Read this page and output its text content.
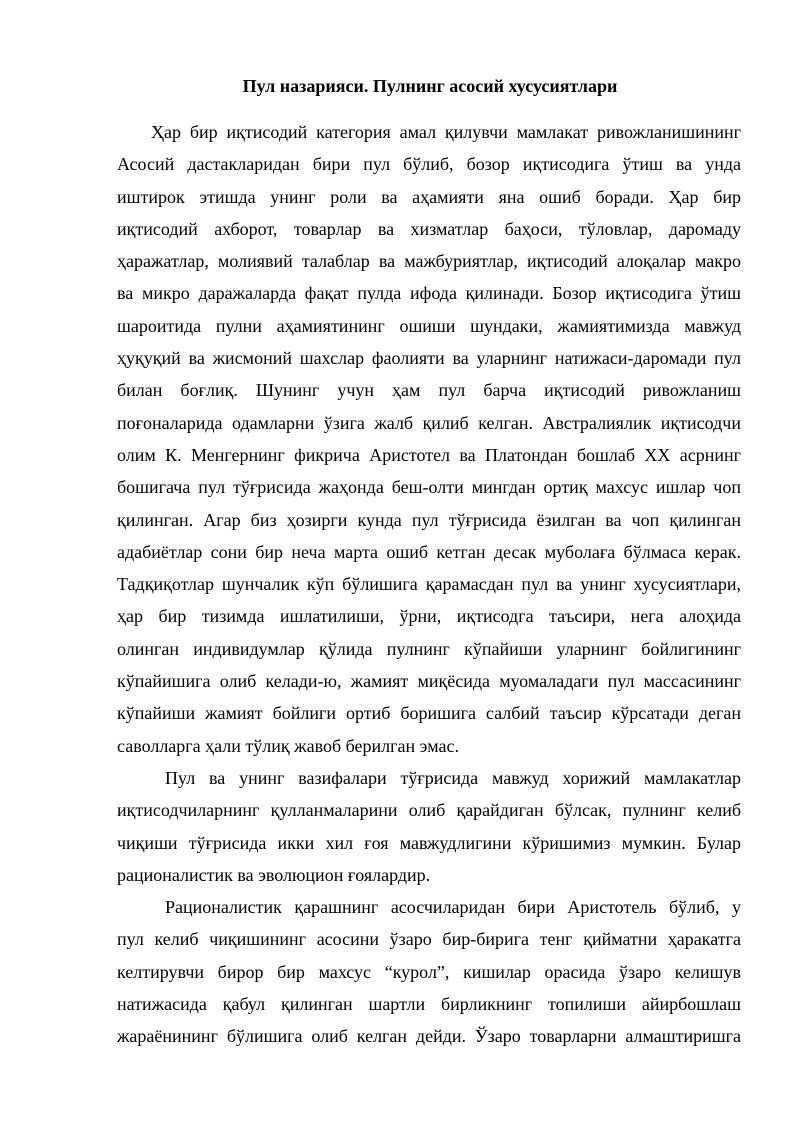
Пул назарияси. Пулнинг асосий хусусиятлари

Ҳар бир иқтисодий категория амал қилувчи мамлакат ривожланишининг
Асосий дастакларидан бири пул бўлиб, бозор иқтисодига ўтиш ва унда
иштирок этишда унинг роли ва аҳамияти яна ошиб боради. Ҳар бир
иқтисодий ахборот, товарлар ва хизматлар баҳоси, тўловлар, даромаду
ҳаражатлар, молиявий талаблар ва мажбуриятлар, иқтисодий алоқалар макро
ва микро даражаларда фақат пулда ифода қилинади. Бозор иқтисодига ўтиш
шароитида пулни аҳамиятининг ошиши шундаки, жамиятимизда мавжуд
ҳуқуқий ва жисмоний шахслар фаолияти ва уларнинг натижаси-даромади пул
билан боғлиқ. Шунинг учун ҳам пул барча иқтисодий ривожланиш
поғоналарида одамларни ўзига жалб қилиб келган. Австралиялик иқтисодчи
олим К. Менгернинг фикрича Аристотел ва Платондан бошлаб XX асрнинг
бошигача пул тўғрисида жаҳонда беш-олти мингдан ортиқ махсус ишлар чоп
қилинган. Агар биз ҳозирги кунда пул тўғрисида ёзилган ва чоп қилинган
адабиётлар сони бир неча марта ошиб кетган десак муболаға бўлмаса керак.
Тадқиқотлар шунчалик кўп бўлишига қарамасдан пул ва унинг хусусиятлари,
ҳар бир тизимда ишлатилиши, ўрни, иқтисодга таъсири, нега алоҳида
олинган индивидумлар қўлида пулнинг кўпайиши уларнинг бойлигининг
кўпайишига олиб келади-ю, жамият миқёсида муомаладаги пул массасининг
кўпайиши жамият бойлиги ортиб боришига салбий таъсир кўрсатади деган
саволларга ҳали тўлиқ жавоб берилган эмас.

Пул ва унинг вазифалари тўғрисида мавжуд хорижий мамлакатлар
иқтисодчиларнинг қулланмаларини олиб қарайдиган бўлсак, пулнинг келиб
чиқиши тўғрисида икки хил ғоя мавжудлигини кўришимиз мумкин. Булар
рационалистик ва эволюцион ғоялардир.

Рационалистик қарашнинг асосчиларидан бири Аристотель бўлиб, у
пул келиб чиқишининг асосини ўзаро бир-бирига тенг қийматни ҳаракатга
келтирувчи бирор бир махсус “курол”, кишилар орасида ўзаро келишув
натижасида қабул қилинган шартли бирликнинг топилиши айирбошлаш
жараёнининг бўлишига олиб келган дейди. Ўзаро товарларни алмаштиришга
